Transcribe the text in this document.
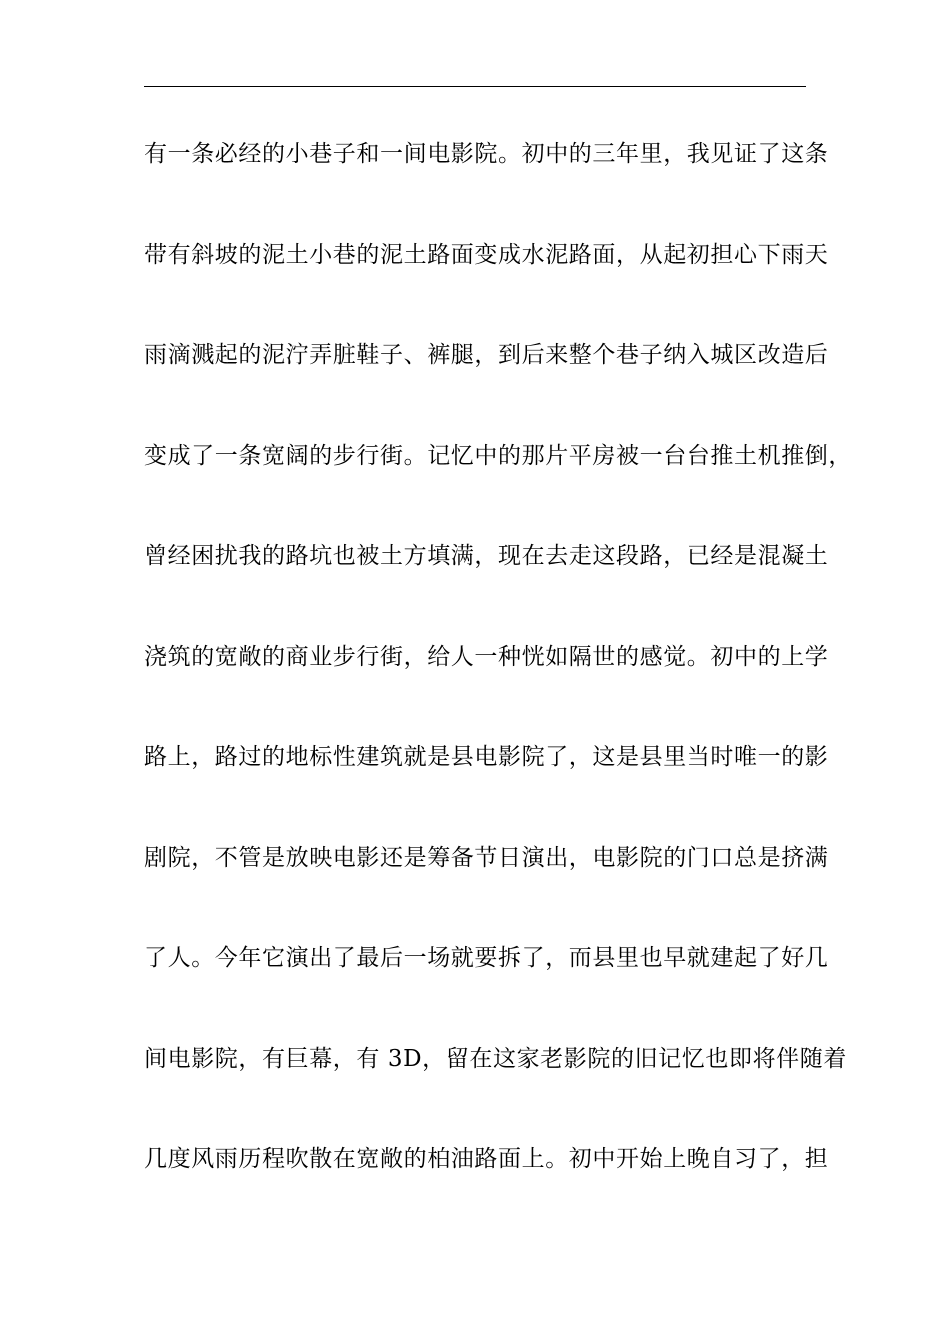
有一条必经的小巷子和一间电影院。初中的三年里，我见证了这条
带有斜坡的泥土小巷的泥土路面变成水泥路面，从起初担心下雨天
雨滴溅起的泥泞弄脏鞋子、裤腿，到后来整个巷子纳入城区改造后
变成了一条宽阔的步行街。记忆中的那片平房被一台台推土机推倒，
曾经困扰我的路坑也被土方填满，现在去走这段路，已经是混凝土
浇筑的宽敞的商业步行街，给人一种恍如隔世的感觉。初中的上学
路上，路过的地标性建筑就是县电影院了，这是县里当时唯一的影
剧院，不管是放映电影还是筹备节日演出，电影院的门口总是挤满
了人。今年它演出了最后一场就要拆了，而县里也早就建起了好几
间电影院，有巨幕，有 3D，留在这家老影院的旧记忆也即将伴随着
几度风雨历程吹散在宽敞的柏油路面上。初中开始上晚自习了，担
